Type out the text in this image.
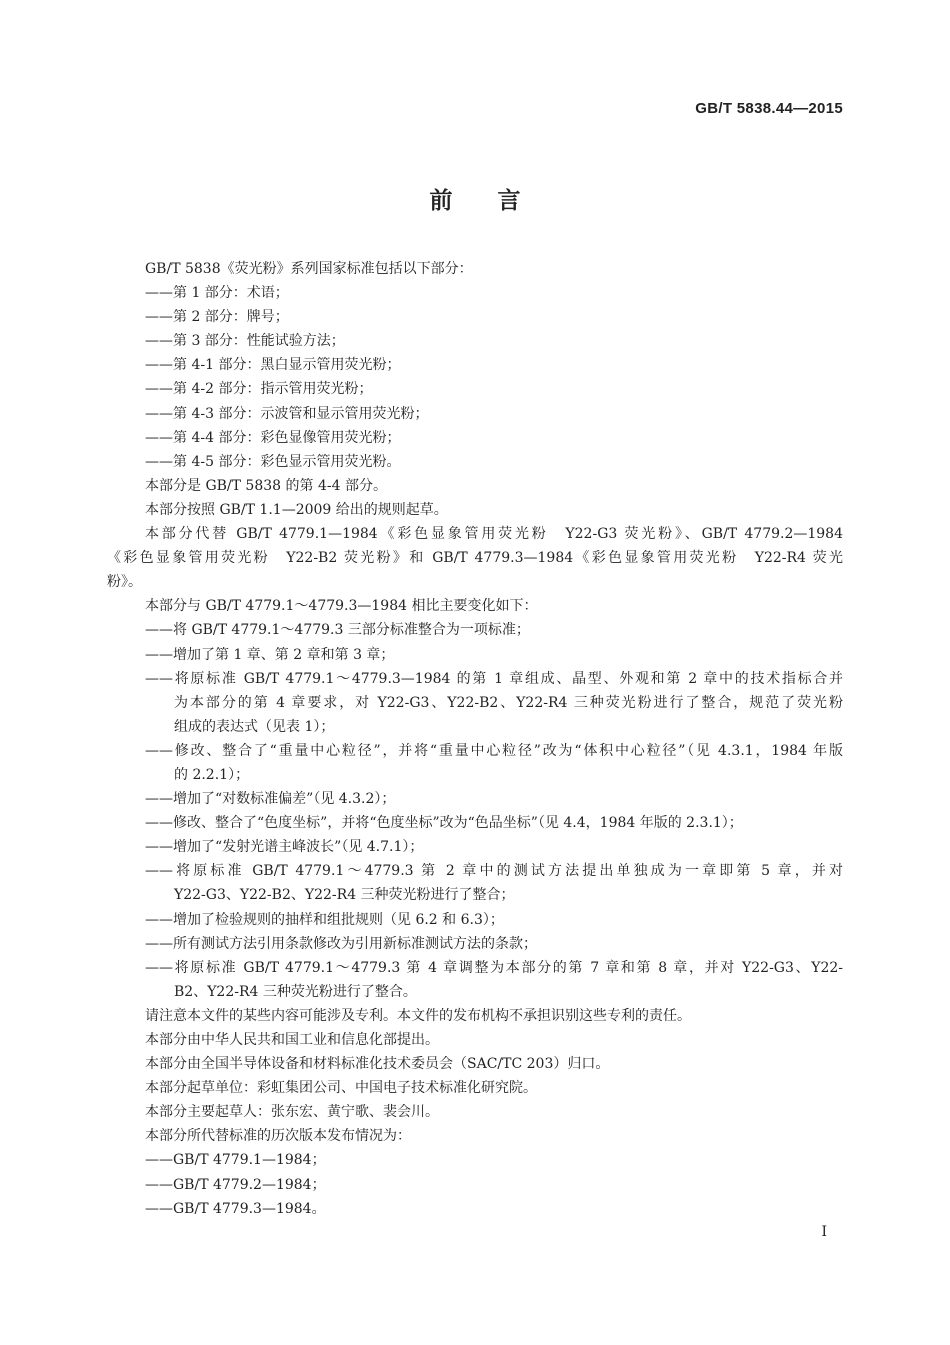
GB/T 5838.44—2015
前言
GB/T 5838《荧光粉》系列国家标准包括以下部分：
——第 1 部分：术语；
——第 2 部分：牌号；
——第 3 部分：性能试验方法；
——第 4-1 部分：黑白显示管用荧光粉；
——第 4-2 部分：指示管用荧光粉；
——第 4-3 部分：示波管和显示管用荧光粉；
——第 4-4 部分：彩色显像管用荧光粉；
——第 4-5 部分：彩色显示管用荧光粉。
本部分是 GB/T 5838 的第 4-4 部分。
本部分按照 GB/T 1.1—2009 给出的规则起草。
本部分代替 GB/T 4779.1—1984《彩色显象管用荧光粉　Y22-G3 荧光粉》、GB/T 4779.2—1984
《彩色显象管用荧光粉　Y22-B2 荧光粉》和 GB/T 4779.3—1984《彩色显象管用荧光粉　Y22-R4 荧光
粉》。
本部分与 GB/T 4779.1～4779.3—1984 相比主要变化如下：
——将 GB/T 4779.1～4779.3 三部分标准整合为一项标准；
——增加了第 1 章、第 2 章和第 3 章；
——将原标准 GB/T 4779.1～4779.3—1984 的第 1 章组成、晶型、外观和第 2 章中的技术指标合并
为本部分的第 4 章要求，对 Y22-G3、Y22-B2、Y22-R4 三种荧光粉进行了整合，规范了荧光粉
组成的表达式（见表 1）；
——修改、整合了“重量中心粒径”，并将“重量中心粒径”改为“体积中心粒径”（见 4.3.1，1984 年版
的 2.2.1）；
——增加了“对数标准偏差”（见 4.3.2）；
——修改、整合了“色度坐标”，并将“色度坐标”改为“色品坐标”（见 4.4，1984 年版的 2.3.1）；
——增加了“发射光谱主峰波长”（见 4.7.1）；
——将原标准 GB/T 4779.1～4779.3 第 2 章中的测试方法提出单独成为一章即第 5 章，并对
Y22-G3、Y22-B2、Y22-R4 三种荧光粉进行了整合；
——增加了检验规则的抽样和组批规则（见 6.2 和 6.3）；
——所有测试方法引用条款修改为引用新标准测试方法的条款；
——将原标准 GB/T 4779.1～4779.3 第 4 章调整为本部分的第 7 章和第 8 章，并对 Y22-G3、Y22-
B2、Y22-R4 三种荧光粉进行了整合。
请注意本文件的某些内容可能涉及专利。本文件的发布机构不承担识别这些专利的责任。
本部分由中华人民共和国工业和信息化部提出。
本部分由全国半导体设备和材料标准化技术委员会（SAC/TC 203）归口。
本部分起草单位：彩虹集团公司、中国电子技术标准化研究院。
本部分主要起草人：张东宏、黄宁歌、裴会川。
本部分所代替标准的历次版本发布情况为：
——GB/T 4779.1—1984；
——GB/T 4779.2—1984；
——GB/T 4779.3—1984。
I
